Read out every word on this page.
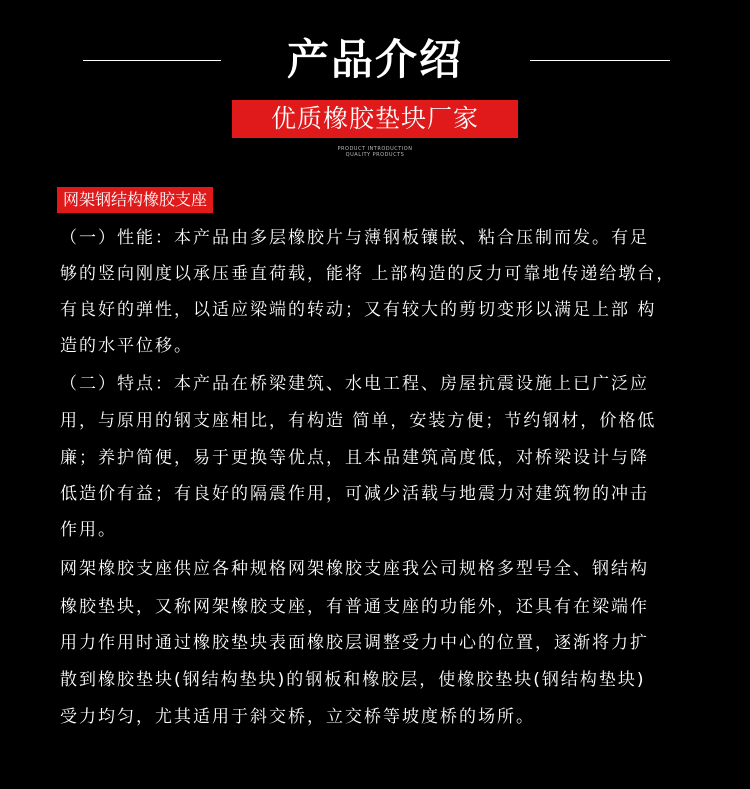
产品介绍
优质橡胶垫块厂家
PRODUCT INTRODUCTION
QUALITY PRODUCTS
网架钢结构橡胶支座
（一）性能：本产品由多层橡胶片与薄钢板镶嵌、粘合压制而发。有足
够的竖向刚度以承压垂直荷载，能将 上部构造的反力可靠地传递给墩台，
有良好的弹性，以适应梁端的转动；又有较大的剪切变形以满足上部 构
造的水平位移。
（二）特点：本产品在桥梁建筑、水电工程、房屋抗震设施上已广泛应
用，与原用的钢支座相比，有构造 简单，安装方便；节约钢材，价格低
廉；养护简便，易于更换等优点，且本品建筑高度低，对桥梁设计与降
低造价有益；有良好的隔震作用，可减少活载与地震力对建筑物的冲击
作用。
网架橡胶支座供应各种规格网架橡胶支座我公司规格多型号全、钢结构
橡胶垫块，又称网架橡胶支座，有普通支座的功能外，还具有在梁端作
用力作用时通过橡胶垫块表面橡胶层调整受力中心的位置，逐渐将力扩
散到橡胶垫块(钢结构垫块)的钢板和橡胶层，使橡胶垫块(钢结构垫块)
受力均匀，尤其适用于斜交桥，立交桥等坡度桥的场所。
